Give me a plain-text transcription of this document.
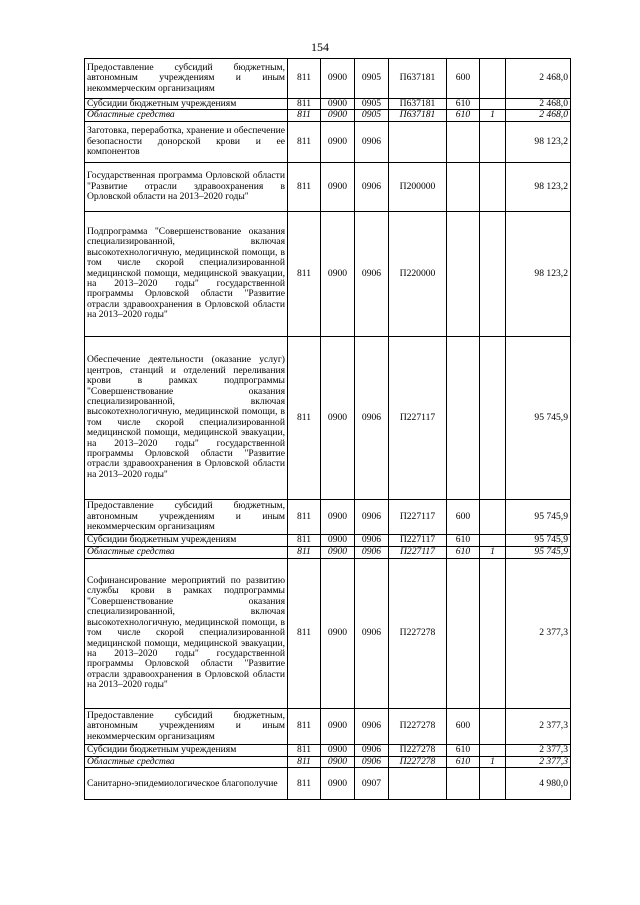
154
Предоставление субсидий бюджетным, автономным учреждениям и иным некоммерческим организациям	811	0900	0905	П637181	600		2 468,0
Субсидии бюджетным учреждениям	811	0900	0905	П637181	610		2 468,0
Областные средства	811	0900	0905	П637181	610	1	2 468,0
Заготовка, переработка, хранение и обеспечение безопасности донорской крови и ее компонентов	811	0900	0906				98 123,2
Государственная программа Орловской области "Развитие отрасли здравоохранения в Орловской области на 2013–2020 годы"	811	0900	0906	П200000			98 123,2
Подпрограмма "Совершенствование оказания специализированной, включая высокотехнологичную, медицинской помощи, в том числе скорой специализированной медицинской помощи, медицинской эвакуации, на 2013–2020 годы" государственной программы Орловской области "Развитие отрасли здравоохранения в Орловской области на 2013–2020 годы"	811	0900	0906	П220000			98 123,2
Обеспечение деятельности (оказание услуг) центров, станций и отделений переливания крови в рамках подпрограммы "Совершенствование оказания специализированной, включая высокотехнологичную, медицинской помощи, в том числе скорой специализированной медицинской помощи, медицинской эвакуации, на 2013–2020 годы" государственной программы Орловской области "Развитие отрасли здравоохранения в Орловской области на 2013–2020 годы"	811	0900	0906	П227117			95 745,9
Предоставление субсидий бюджетным, автономным учреждениям и иным некоммерческим организациям	811	0900	0906	П227117	600		95 745,9
Субсидии бюджетным учреждениям	811	0900	0906	П227117	610		95 745,9
Областные средства	811	0900	0906	П227117	610	1	95 745,9
Софинансирование мероприятий по развитию службы крови в рамках подпрограммы "Совершенствование оказания специализированной, включая высокотехнологичную, медицинской помощи, в том числе скорой специализированной медицинской помощи, медицинской эвакуации, на 2013–2020 годы" государственной программы Орловской области "Развитие отрасли здравоохранения в Орловской области на 2013–2020 годы"	811	0900	0906	П227278			2 377,3
Предоставление субсидий бюджетным, автономным учреждениям и иным некоммерческим организациям	811	0900	0906	П227278	600		2 377,3
Субсидии бюджетным учреждениям	811	0900	0906	П227278	610		2 377,3
Областные средства	811	0900	0906	П227278	610	1	2 377,3
Санитарно-эпидемиологическое благополучие	811	0900	0907				4 980,0
